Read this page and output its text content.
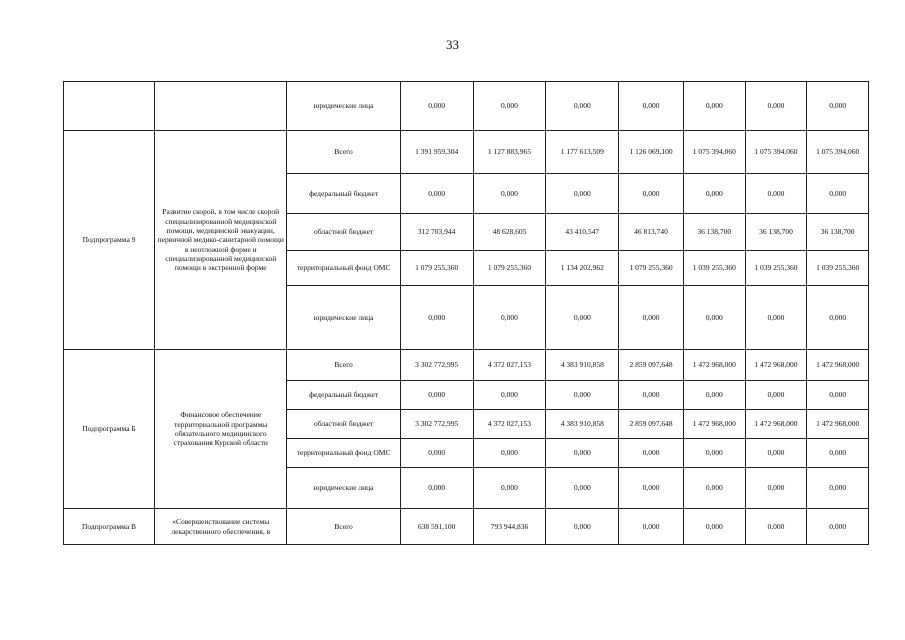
33
		юридические лица	0,000	0,000	0,000	0,000	0,000	0,000	0,000
Подпрограмма 9	Развитие скорой, в том числе скорой специализированной медицинской помощи, медицинской эвакуации, первичной медико-санитарной помощи в неотложной форме и специализированной медицинской помощи в экстренной форме	Всего	1 391 959,304	1 127 883,965	1 177 613,509	1 126 069,100	1 075 394,060	1 075 394,060	1 075 394,060
		федеральный бюджет	0,000	0,000	0,000	0,000	0,000	0,000	0,000
		областной бюджет	312 703,944	48 628,605	43 410,547	46 813,740	36 138,700	36 138,700	36 138,700
		территориальный фонд ОМС	1 079 255,360	1 079 255,360	1 134 202,962	1 079 255,360	1 039 255,360	1 039 255,360	1 039 255,360
		юридические лица	0,000	0,000	0,000	0,000	0,000	0,000	0,000
Подпрограмма Б	Финансовое обеспечение территориальной программы обязательного медицинского страхования Курской области	Всего	3 302 772,995	4 372 027,153	4 383 910,858	2 859 097,648	1 472 968,000	1 472 968,000	1 472 968,000
		федеральный бюджет	0,000	0,000	0,000	0,000	0,000	0,000	0,000
		областной бюджет	3 302 772,995	4 372 027,153	4 383 910,858	2 859 097,648	1 472 968,000	1 472 968,000	1 472 968,000
		территориальный фонд ОМС	0,000	0,000	0,000	0,000	0,000	0,000	0,000
		юридические лица	0,000	0,000	0,000	0,000	0,000	0,000	0,000
Подпрограмма В	«Совершенствование системы лекарственного обеспечения, в	Всего	638 591,100	793 944,836	0,000	0,000	0,000	0,000	0,000
